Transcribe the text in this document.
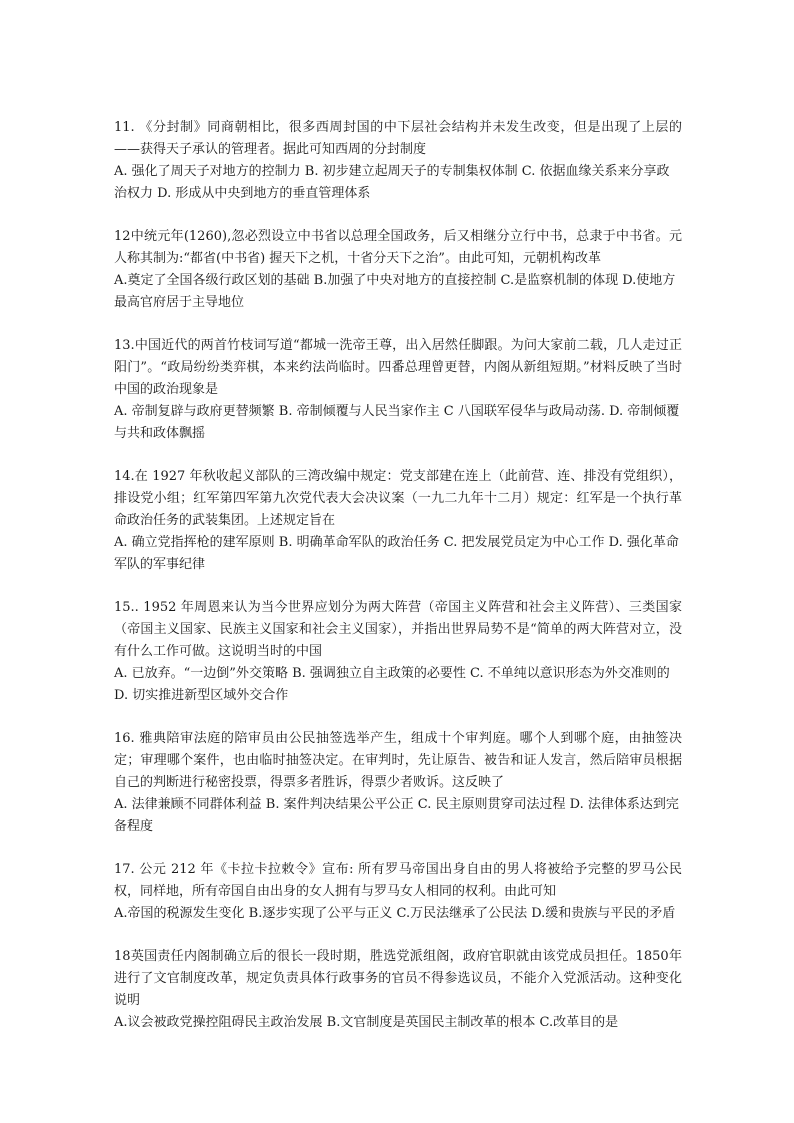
11. 《分封制》同商朝相比，很多西周封国的中下层社会结构并未发生改变，但是出现了上层的——获得天子承认的管理者。据此可知西周的分封制度

A. 强化了周天子对地方的控制力 B. 初步建立起周天子的专制集权体制 C. 依据血缘关系来分享政治权力 D. 形成从中央到地方的垂直管理体系

12中统元年(1260),忽必烈设立中书省以总理全国政务，后又相继分立行中书，总隶于中书省。元人称其制为:“都省(中书省) 握天下之机，十省分天下之治”。由此可知，元朝机构改革

A.奠定了全国各级行政区划的基础 B.加强了中央对地方的直接控制 C.是监察机制的体现 D.使地方最高官府居于主导地位

13.中国近代的两首竹枝词写道“都城一洗帝王尊，出入居然任脚跟。为问大家前二载，几人走过正阳门”。“政局纷纷类弈棋，本来约法尚临时。四番总理曾更替，内阁从新组短期。”材料反映了当时中国的政治现象是

A. 帝制复辟与政府更替频繁 B. 帝制倾覆与人民当家作主 C 八国联军侵华与政局动荡. D. 帝制倾覆与共和政体飘摇

14.在 1927 年秋收起义部队的三湾改编中规定：党支部建在连上（此前营、连、排没有党组织），排设党小组；红军第四军第九次党代表大会决议案（一九二九年十二月）规定：红军是一个执行革命政治任务的武装集团。上述规定旨在

A. 确立党指挥枪的建军原则 B. 明确革命军队的政治任务 C. 把发展党员定为中心工作 D. 强化革命军队的军事纪律

15.. 1952 年周恩来认为当今世界应划分为两大阵营（帝国主义阵营和社会主义阵营）、三类国家（帝国主义国家、民族主义国家和社会主义国家），并指出世界局势不是“简单的两大阵营对立，没有什么工作可做。这说明当时的中国

A. 已放弃。“一边倒”外交策略 B. 强调独立自主政策的必要性 C. 不单纯以意识形态为外交准则的 D. 切实推进新型区域外交合作

16. 雅典陪审法庭的陪审员由公民抽签选举产生，组成十个审判庭。哪个人到哪个庭，由抽签决定；审理哪个案件，也由临时抽签决定。在审判时，先让原告、被告和证人发言，然后陪审员根据自己的判断进行秘密投票，得票多者胜诉，得票少者败诉。这反映了

A. 法律兼顾不同群体利益 B. 案件判决结果公平公正 C. 民主原则贯穿司法过程 D. 法律体系达到完备程度

17. 公元 212 年《卡拉卡拉敕令》宣布: 所有罗马帝国出身自由的男人将被给予完整的罗马公民权，同样地，所有帝国自由出身的女人拥有与罗马女人相同的权利。由此可知

A.帝国的税源发生变化 B.逐步实现了公平与正义 C.万民法继承了公民法 D.缓和贵族与平民的矛盾

18英国责任内阁制确立后的很长一段时期，胜选党派组阁，政府官职就由该党成员担任。1850年进行了文官制度改革，规定负责具体行政事务的官员不得参选议员，不能介入党派活动。这种变化说明

A.议会被政党操控阻碍民主政治发展 B.文官制度是英国民主制改革的根本 C.改革目的是
